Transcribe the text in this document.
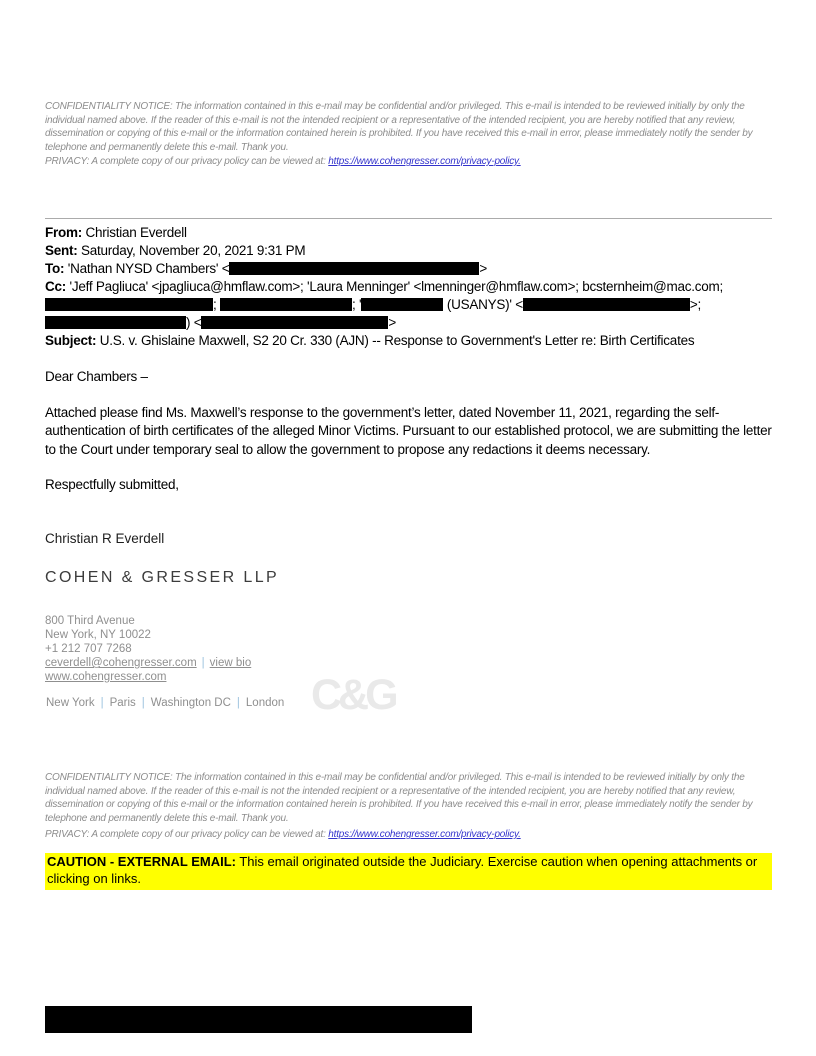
CONFIDENTIALITY NOTICE: The information contained in this e-mail may be confidential and/or privileged. This e-mail is intended to be reviewed initially by only the individual named above. If the reader of this e-mail is not the intended recipient or a representative of the intended recipient, you are hereby notified that any review, dissemination or copying of this e-mail or the information contained herein is prohibited. If you have received this e-mail in error, please immediately notify the sender by telephone and permanently delete this e-mail. Thank you.
PRIVACY: A complete copy of our privacy policy can be viewed at: https://www.cohengresser.com/privacy-policy.
From: Christian Everdell
Sent: Saturday, November 20, 2021 9:31 PM
To: 'Nathan NYSD Chambers' <	>
Cc: 'Jeff Pagliuca' <jpagliuca@hmflaw.com>; 'Laura Menninger' <lmenninger@hmflaw.com>; bcsternheim@mac.com;
;	; '	(USANYS)' <	>;
) <	>
Subject: U.S. v. Ghislaine Maxwell, S2 20 Cr. 330 (AJN) -- Response to Government's Letter re: Birth Certificates
Dear Chambers –
Attached please find Ms. Maxwell’s response to the government’s letter, dated November 11, 2021, regarding the self-authentication of birth certificates of the alleged Minor Victims. Pursuant to our established protocol, we are submitting the letter to the Court under temporary seal to allow the government to propose any redactions it deems necessary.
Respectfully submitted,
Christian R Everdell
COHEN & GRESSER LLP
800 Third Avenue
New York, NY 10022
+1 212 707 7268
ceverdell@cohengresser.com | view bio
www.cohengresser.com	C&G
New York | Paris | Washington DC | London
CONFIDENTIALITY NOTICE: The information contained in this e-mail may be confidential and/or privileged. This e-mail is intended to be reviewed initially by only the individual named above. If the reader of this e-mail is not the intended recipient or a representative of the intended recipient, you are hereby notified that any review, dissemination or copying of this e-mail or the information contained herein is prohibited. If you have received this e-mail in error, please immediately notify the sender by telephone and permanently delete this e-mail. Thank you.
PRIVACY: A complete copy of our privacy policy can be viewed at: https://www.cohengresser.com/privacy-policy.
CAUTION - EXTERNAL EMAIL: This email originated outside the Judiciary. Exercise caution when opening attachments or clicking on links.
